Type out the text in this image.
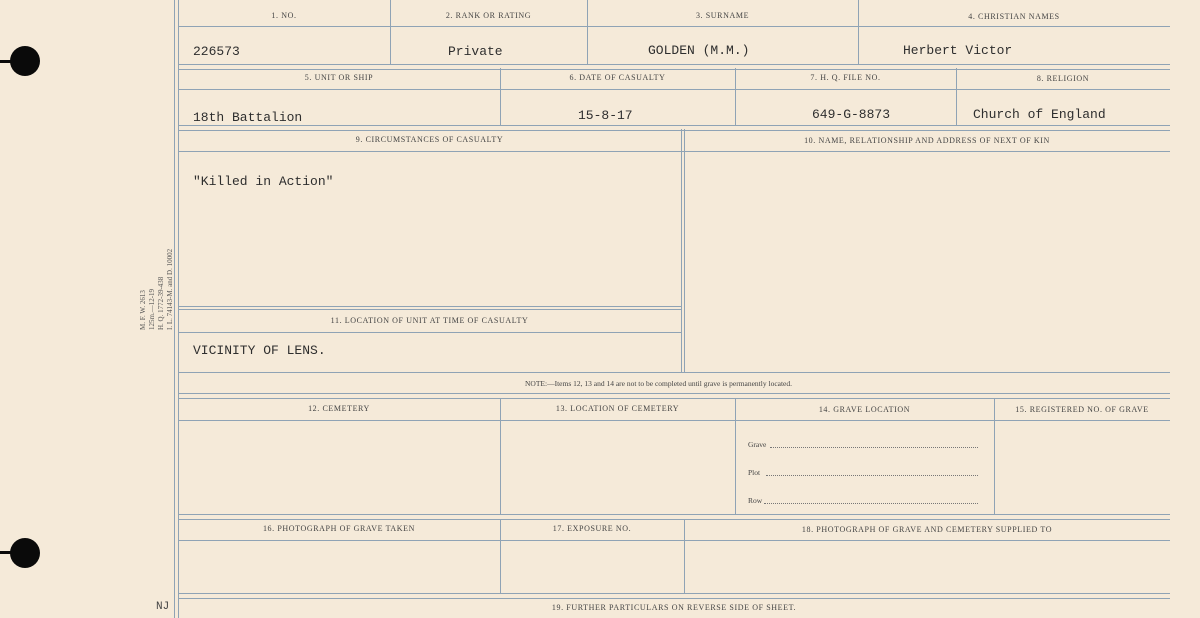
M. F. W. 2613 125m.—12-19 H. Q. 1772-39-438 I. L. 74143-M. and D. 10002
NJ
1. NO.	2. RANK OR RATING	3. SURNAME	4. CHRISTIAN NAMES
226573	Private	GOLDEN (M.M.)	Herbert Victor
5. UNIT OR SHIP	6. DATE OF CASUALTY	7. H. Q. FILE NO.	8. RELIGION
18th Battalion	15-8-17	649-G-8873	Church of England
9. CIRCUMSTANCES OF CASUALTY	10. NAME, RELATIONSHIP AND ADDRESS OF NEXT OF KIN
"Killed in Action"
11. LOCATION OF UNIT AT TIME OF CASUALTY
VICINITY OF LENS.
NOTE:—Items 12, 13 and 14 are not to be completed until grave is permanently located.
12. CEMETERY	13. LOCATION OF CEMETERY	14. GRAVE LOCATION	15. REGISTERED NO. OF GRAVE
Grave
Plot
Row
16. PHOTOGRAPH OF GRAVE TAKEN	17. EXPOSURE NO.	18. PHOTOGRAPH OF GRAVE AND CEMETERY SUPPLIED TO
19. FURTHER PARTICULARS ON REVERSE SIDE OF SHEET.
